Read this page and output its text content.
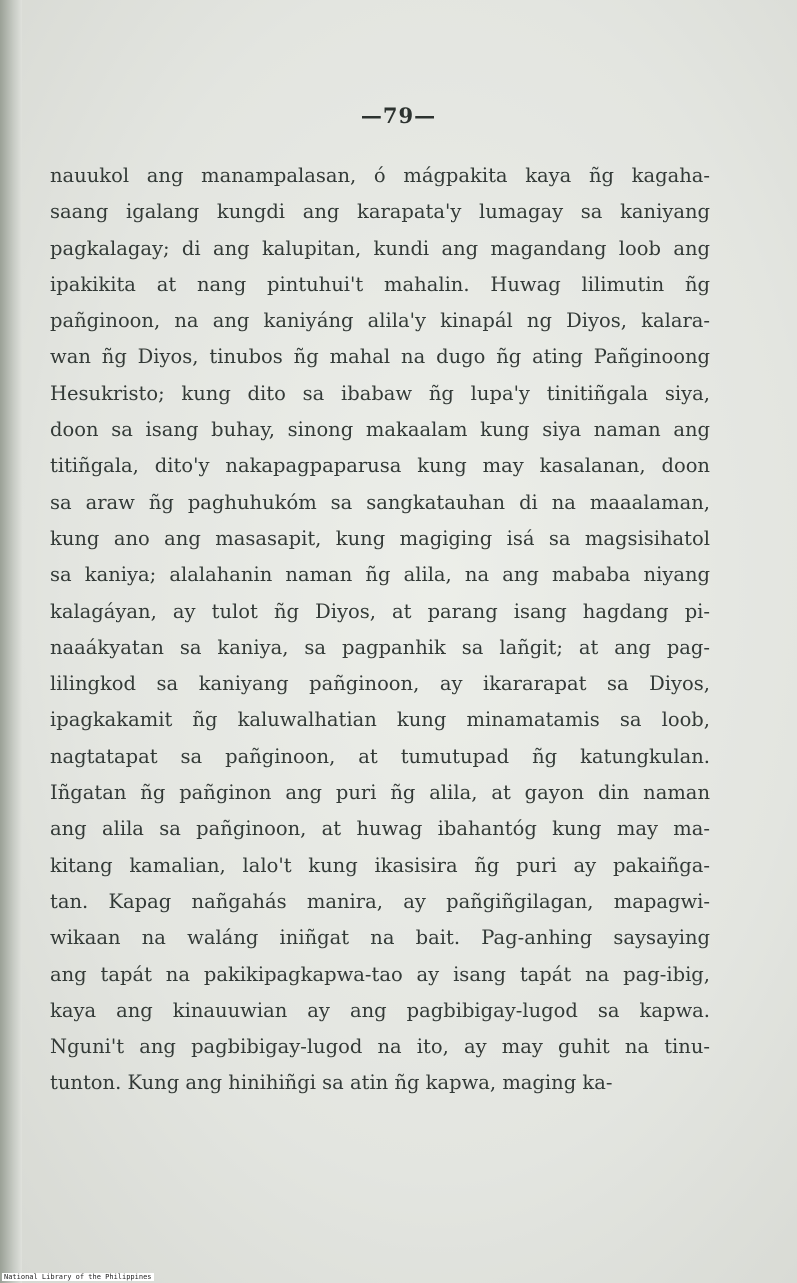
—79—
nauukol ang manampalasan, ó mágpakita kaya ñg kagaha-
saang igalang kungdi ang karapata'y lumagay sa kaniyang
pagkalagay; di ang kalupitan, kundi ang magandang loob ang
ipakikita at nang pintuhui't mahalin. Huwag lilimutin ñg
pañginoon, na ang kaniyáng alila'y kinapál ng Diyos, kalara-
wan ñg Diyos, tinubos ñg mahal na dugo ñg ating Pañginoong
Hesukristo; kung dito sa ibabaw ñg lupa'y tinitiñgala siya,
doon sa isang buhay, sinong makaalam kung siya naman ang
titiñgala, dito'y nakapagpaparusa kung may kasalanan, doon
sa araw ñg paghuhukóm sa sangkatauhan di na maaalaman,
kung ano ang masasapit, kung magiging isá sa magsisihatol
sa kaniya; alalahanin naman ñg alila, na ang mababa niyang
kalagáyan, ay tulot ñg Diyos, at parang isang hagdang pi-
naaákyatan sa kaniya, sa pagpanhik sa lañgit; at ang pag-
lilingkod sa kaniyang pañginoon, ay ikararapat sa Diyos,
ipagkakamit ñg kaluwalhatian kung minamatamis sa loob,
nagtatapat sa pañginoon, at tumutupad ñg katungkulan.
Iñgatan ñg pañginon ang puri ñg alila, at gayon din naman
ang alila sa pañginoon, at huwag ibahantóg kung may ma-
kitang kamalian, lalo't kung ikasisira ñg puri ay pakaiñga-
tan. Kapag nañgahás manira, ay pañgiñgilagan, mapagwi-
wikaan na waláng iniñgat na bait. Pag-anhing saysaying
ang tapát na pakikipagkapwa-tao ay isang tapát na pag-ibig,
kaya ang kinauuwian ay ang pagbibigay-lugod sa kapwa.
Nguni't ang pagbibigay-lugod na ito, ay may guhit na tinu-
tunton. Kung ang hinihiñgi sa atin ñg kapwa, maging ka-
National Library of the Philippines
